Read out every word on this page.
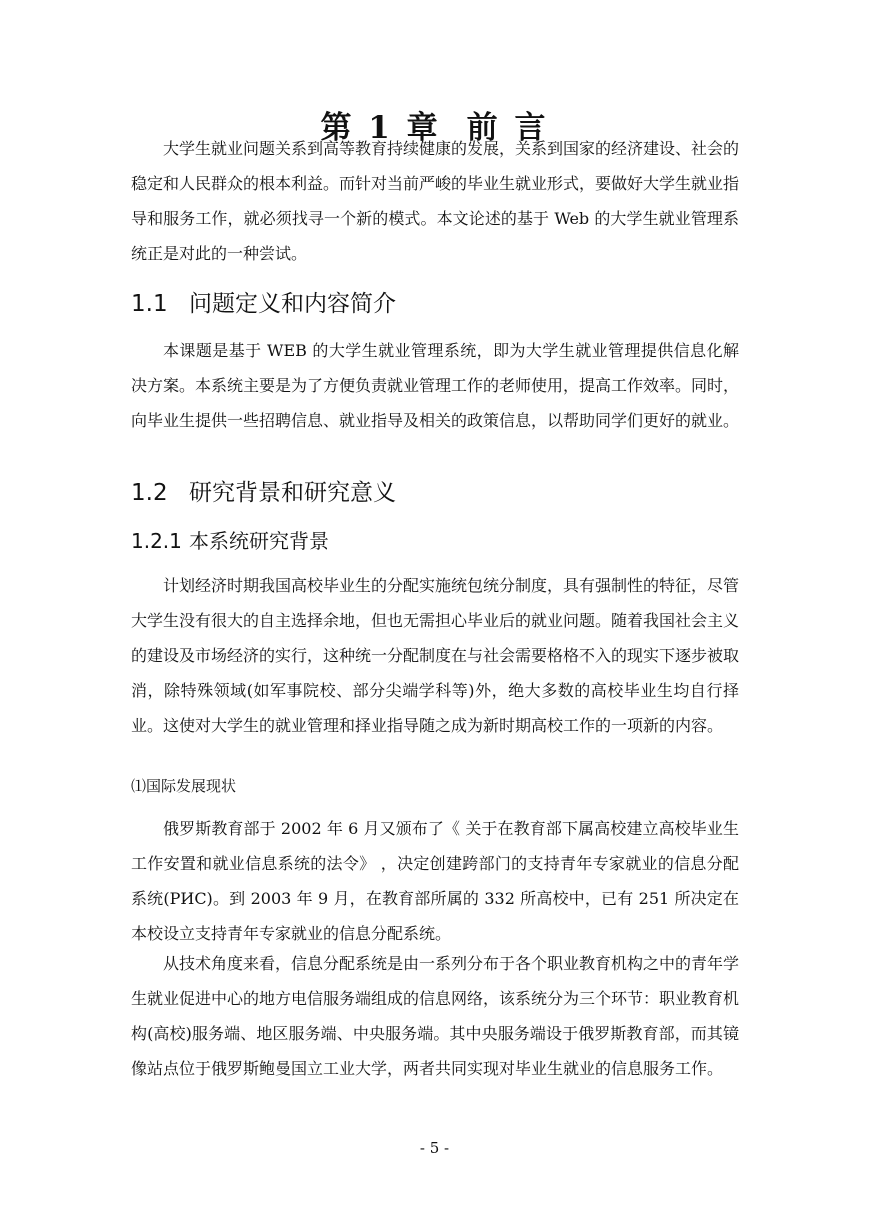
第 1 章 前 言

大学生就业问题关系到高等教育持续健康的发展，关系到国家的经济建设、社会的稳定和人民群众的根本利益。而针对当前严峻的毕业生就业形式，要做好大学生就业指导和服务工作，就必须找寻一个新的模式。本文论述的基于 Web 的大学生就业管理系统正是对此的一种尝试。

1.1 问题定义和内容简介

本课题是基于 WEB 的大学生就业管理系统，即为大学生就业管理提供信息化解决方案。本系统主要是为了方便负责就业管理工作的老师使用，提高工作效率。同时，向毕业生提供一些招聘信息、就业指导及相关的政策信息，以帮助同学们更好的就业。

1.2 研究背景和研究意义
1.2.1 本系统研究背景

计划经济时期我国高校毕业生的分配实施统包统分制度，具有强制性的特征，尽管大学生没有很大的自主选择余地，但也无需担心毕业后的就业问题。随着我国社会主义的建设及市场经济的实行，这种统一分配制度在与社会需要格格不入的现实下逐步被取消，除特殊领域(如军事院校、部分尖端学科等)外，绝大多数的高校毕业生均自行择业。这使对大学生的就业管理和择业指导随之成为新时期高校工作的一项新的内容。

⑴国际发展现状

俄罗斯教育部于 2002 年 6 月又颁布了《 关于在教育部下属高校建立高校毕业生工作安置和就业信息系统的法令》 ，决定创建跨部门的支持青年专家就业的信息分配系统(РИС)。到 2003 年 9 月，在教育部所属的 332 所高校中，已有 251 所决定在本校设立支持青年专家就业的信息分配系统。

从技术角度来看，信息分配系统是由一系列分布于各个职业教育机构之中的青年学生就业促进中心的地方电信服务端组成的信息网络，该系统分为三个环节：职业教育机构(高校)服务端、地区服务端、中央服务端。其中央服务端设于俄罗斯教育部，而其镜像站点位于俄罗斯鲍曼国立工业大学，两者共同实现对毕业生就业的信息服务工作。

- 5 -
